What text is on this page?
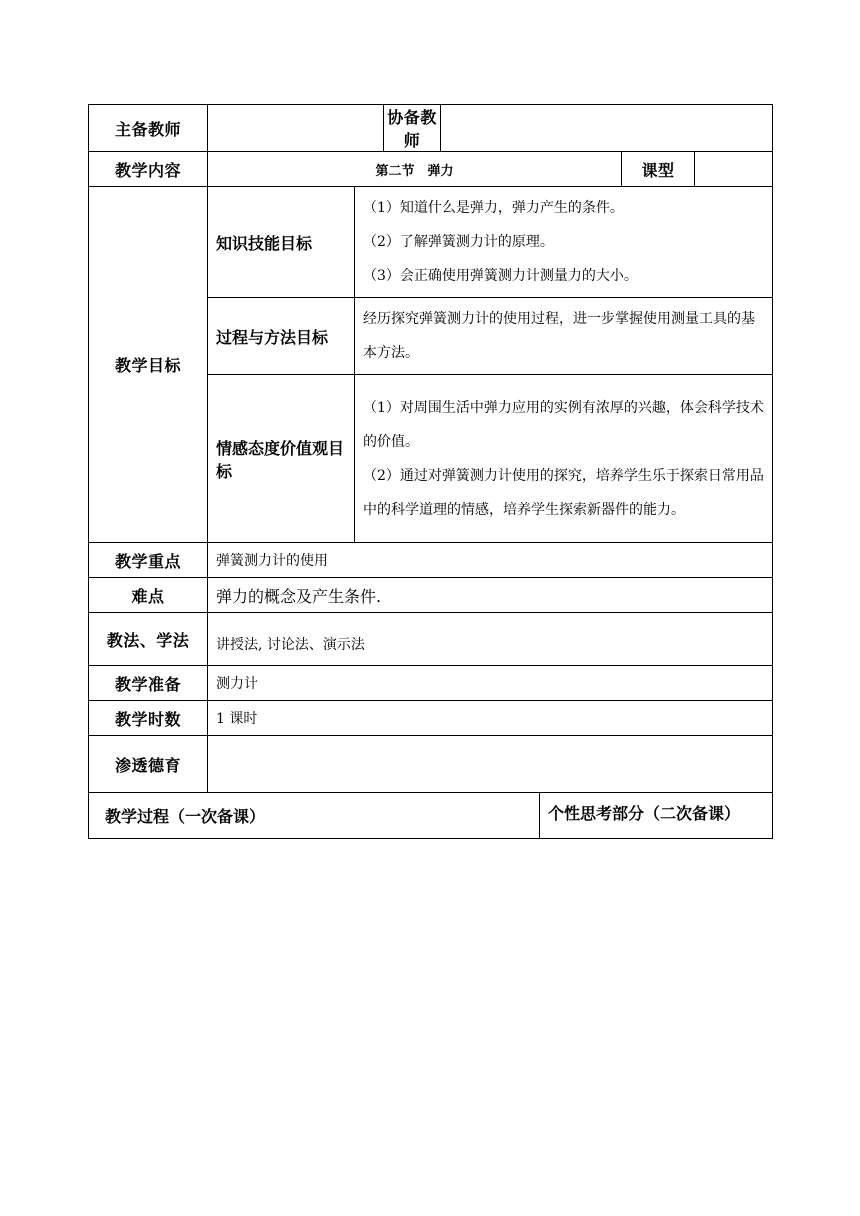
主备教师			协备教师				
教学内容	第二节　弹力					课型	
教学目标	知识技能目标	（1）知道什么是弹力，弹力产生的条件。

（2）了解弹簧测力计的原理。

（3）会正确使用弹簧测力计测量力的大小。					

	过程与方法目标	经历探究弹簧测力计的使用过程，进一步掌握使用测量工具的基本方法。					

	情感态度价值观目标	（1）对周围生活中弹力应用的实例有浓厚的兴趣，体会科学技术的价值。

（2）通过对弹簧测力计使用的探究，培养学生乐于探索日常用品中的科学道理的情感，培养学生探索新器件的能力。					

教学重点	弹簧测力计的使用						
难点	弹力的概念及产生条件.						
教法、学法	讲授法, 讨论法、演示法						
教学准备	测力计						
教学时数	1 课时						
渗透德育							
教学过程（一次备课）					个性思考部分（二次备课）		
